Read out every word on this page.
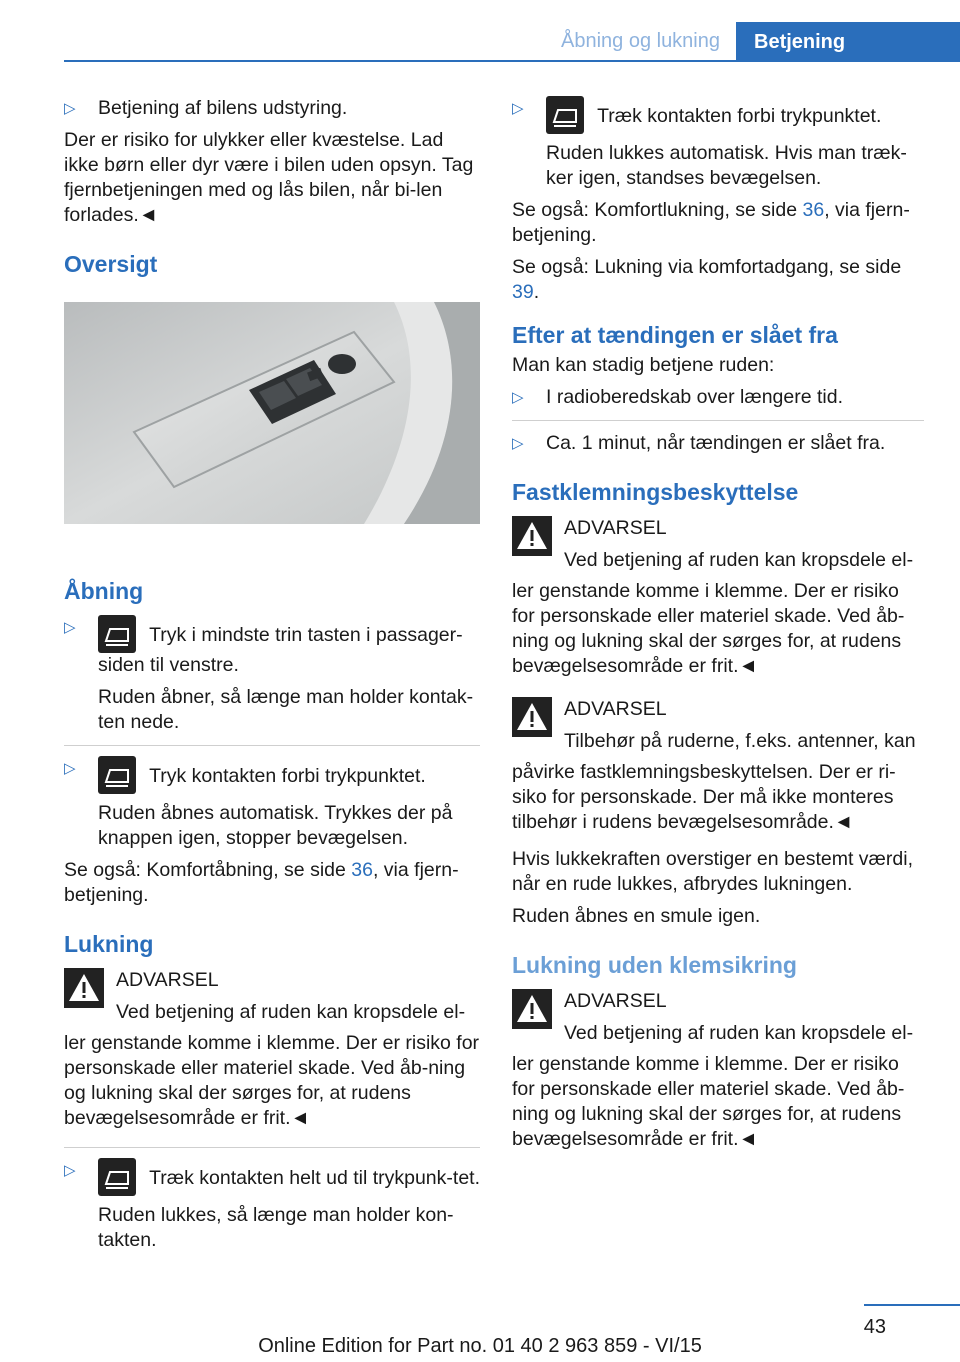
Åbning og lukning	Betjening
▷ Betjening af bilens udstyring.

Der er risiko for ulykker eller kvæstelse. Lad ikke børn eller dyr være i bilen uden opsyn. Tag fjernbetjeningen med og lås bilen, når bi-len forlades.◄

Oversigt
Åbning
▷	Tryk i mindste trin tasten i passager-siden til venstre.

Ruden åbner, så længe man holder kontak-ten nede.

▷	Tryk kontakten forbi trykpunktet.

Ruden åbnes automatisk. Trykkes der på knappen igen, stopper bevægelsen.

Se også: Komfortåbning, se side 36, via fjern-betjening.

Lukning
ADVARSEL
Ved betjening af ruden kan kropsdele el-

ler genstande komme i klemme. Der er risiko for personskade eller materiel skade. Ved åb-ning og lukning skal der sørges for, at rudens bevægelsesområde er frit.◄

▷	Træk kontakten helt ud til trykpunk-tet.

Ruden lukkes, så længe man holder kon-takten.

▷	Træk kontakten forbi trykpunktet.

Ruden lukkes automatisk. Hvis man træk-ker igen, standses bevægelsen.

Se også: Komfortlukning, se side 36, via fjern-betjening.

Se også: Lukning via komfortadgang, se side 39.

Efter at tændingen er slået fra

Man kan stadig betjene ruden:

▷ I radioberedskab over længere tid.
▷ Ca. 1 minut, når tændingen er slået fra.
Fastklemningsbeskyttelse
ADVARSEL
Ved betjening af ruden kan kropsdele el-

ler genstande komme i klemme. Der er risiko for personskade eller materiel skade. Ved åb-ning og lukning skal der sørges for, at rudens bevægelsesområde er frit.◄

ADVARSEL
Tilbehør på ruderne, f.eks. antenner, kan

påvirke fastklemningsbeskyttelsen. Der er ri-siko for personskade. Der må ikke monteres tilbehør i rudens bevægelsesområde.◄

Hvis lukkekraften overstiger en bestemt værdi, når en rude lukkes, afbrydes lukningen.

Ruden åbnes en smule igen.

Lukning uden klemsikring
ADVARSEL
Ved betjening af ruden kan kropsdele el-

ler genstande komme i klemme. Der er risiko for personskade eller materiel skade. Ved åb-ning og lukning skal der sørges for, at rudens bevægelsesområde er frit.◄

43
Online Edition for Part no. 01 40 2 963 859 - VI/15
